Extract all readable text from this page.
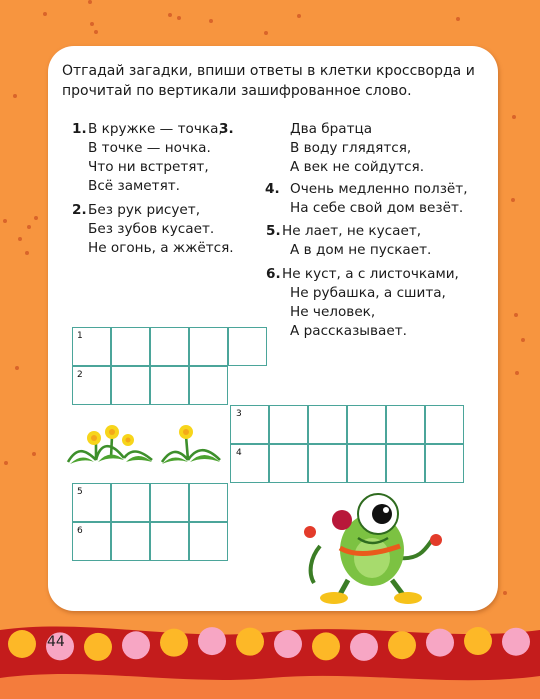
Отгадай загадки, впиши ответы в клетки кроссворда и прочитай по вертикали зашифрованное слово.

1. В кружке — точка,
В точке — ночка.
Что ни встретят,
Всё заметят.
2. Без рук рисует,
Без зубов кусает.
Не огонь, а жжётся.
3.	Два братца
В воду глядятся,
А век не сойдутся.
4. Очень медленно ползёт,
На себе свой дом везёт.
5. Не лает, не кусает,
А в дом не пускает.
6. Не куст, а с листочками,
Не рубашка, а сшита,
Не человек,
А рассказывает.
1
2
3
4
5
6
44
